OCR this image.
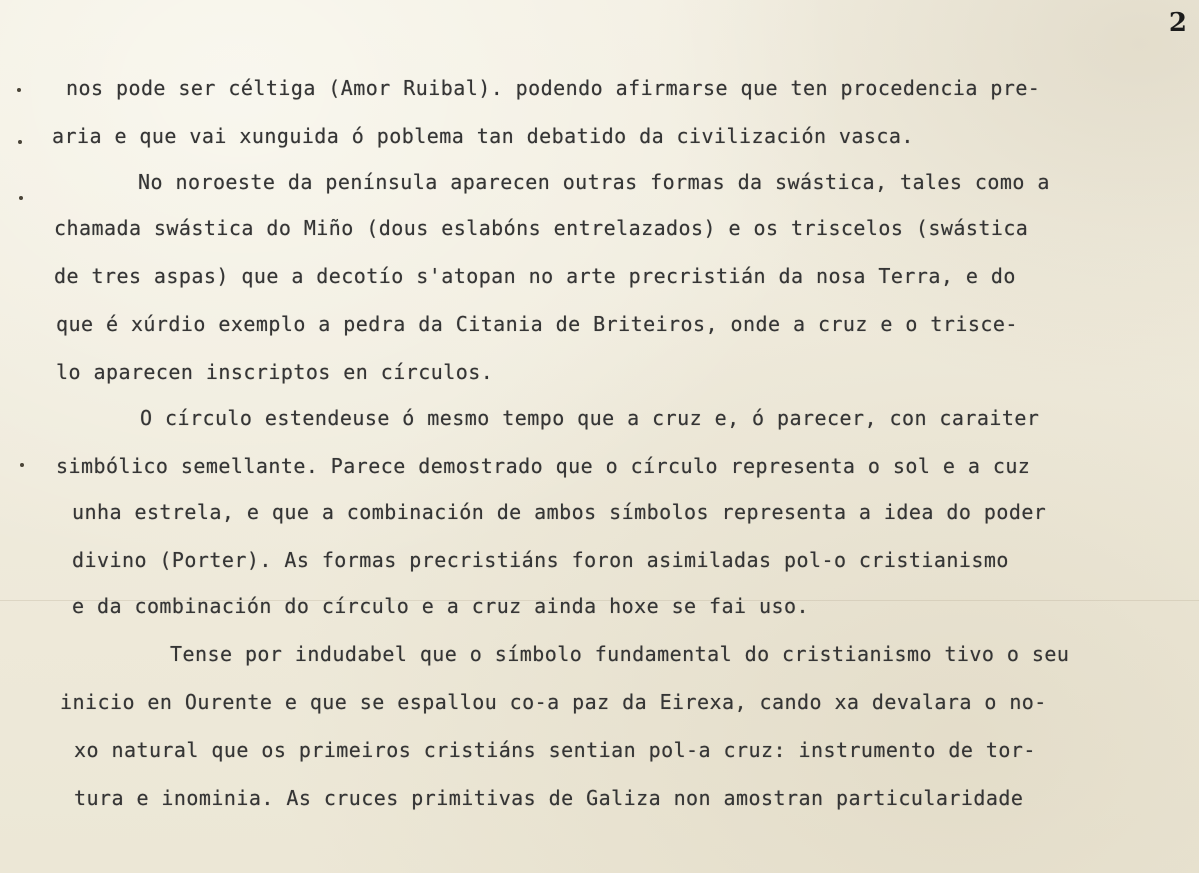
2
nos pode ser céltiga (Amor Ruibal). podendo afirmarse que ten procedencia pre-
aria e que vai xunguida ó poblema tan debatido da civilización vasca.
No noroeste da península aparecen outras formas da swástica, tales como a
chamada swástica do Miño (dous eslabóns entrelazados) e os triscelos (swástica
de tres aspas) que a decotío s'atopan no arte precristián da nosa Terra, e do
que é xúrdio exemplo a pedra da Citania de Briteiros, onde a cruz e o trisce-
lo aparecen inscriptos en círculos.
O círculo estendeuse ó mesmo tempo que a cruz e, ó parecer, con caraiter
simbólico semellante. Parece demostrado que o círculo representa o sol e a cuz
unha estrela, e que a combinación de ambos símbolos representa a idea do poder
divino (Porter). As formas precristiáns foron asimiladas pol-o cristianismo
e da combinación do círculo e a cruz ainda hoxe se fai uso.
Tense por indudabel que o símbolo fundamental do cristianismo tivo o seu
inicio en Ourente e que se espallou co-a paz da Eirexa, cando xa devalara o no-
xo natural que os primeiros cristiáns sentian pol-a cruz: instrumento de tor-
tura e inominia. As cruces primitivas de Galiza non amostran particularidade
